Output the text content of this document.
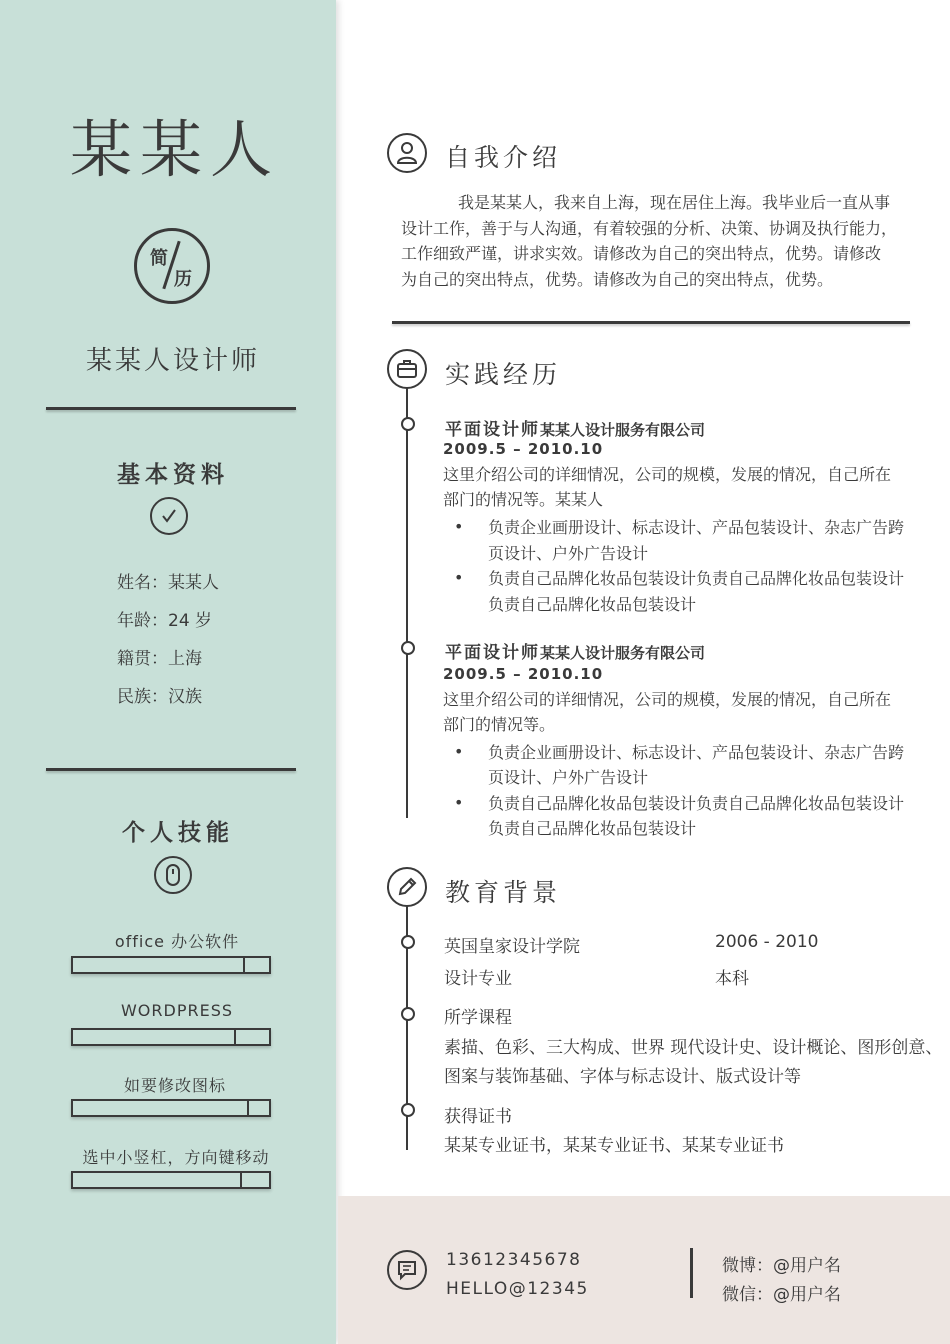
某某人
简
历
某某人设计师
基本资料
姓名：某某人
年龄：24 岁
籍贯：上海
民族：汉族
个人技能
office 办公软件
WORDPRESS
如要修改图标
选中小竖杠，方向键移动
自我介绍
我是某某人，我来自上海，现在居住上海。我毕业后一直从事
设计工作，善于与人沟通，有着较强的分析、决策、协调及执行能力，
工作细致严谨，讲求实效。请修改为自己的突出特点，优势。请修改
为自己的突出特点，优势。请修改为自己的突出特点，优势。
实践经历
平面设计师某某人设计服务有限公司
2009.5 – 2010.10
这里介绍公司的详细情况，公司的规模，发展的情况，自己所在
部门的情况等。某某人
• 负责企业画册设计、标志设计、产品包装设计、杂志广告跨
页设计、户外广告设计
• 负责自己品牌化妆品包装设计负责自己品牌化妆品包装设计
负责自己品牌化妆品包装设计
平面设计师某某人设计服务有限公司
2009.5 – 2010.10
这里介绍公司的详细情况，公司的规模，发展的情况，自己所在
部门的情况等。
• 负责企业画册设计、标志设计、产品包装设计、杂志广告跨
页设计、户外广告设计
• 负责自己品牌化妆品包装设计负责自己品牌化妆品包装设计
负责自己品牌化妆品包装设计
教育背景
英国皇家设计学院	2006 - 2010
设计专业	本科
所学课程
素描、色彩、三大构成、世界 现代设计史、设计概论、图形创意、
图案与装饰基础、字体与标志设计、版式设计等
获得证书
某某专业证书，某某专业证书、某某专业证书
13612345678
HELLO@12345
微博：@用户名
微信：@用户名
